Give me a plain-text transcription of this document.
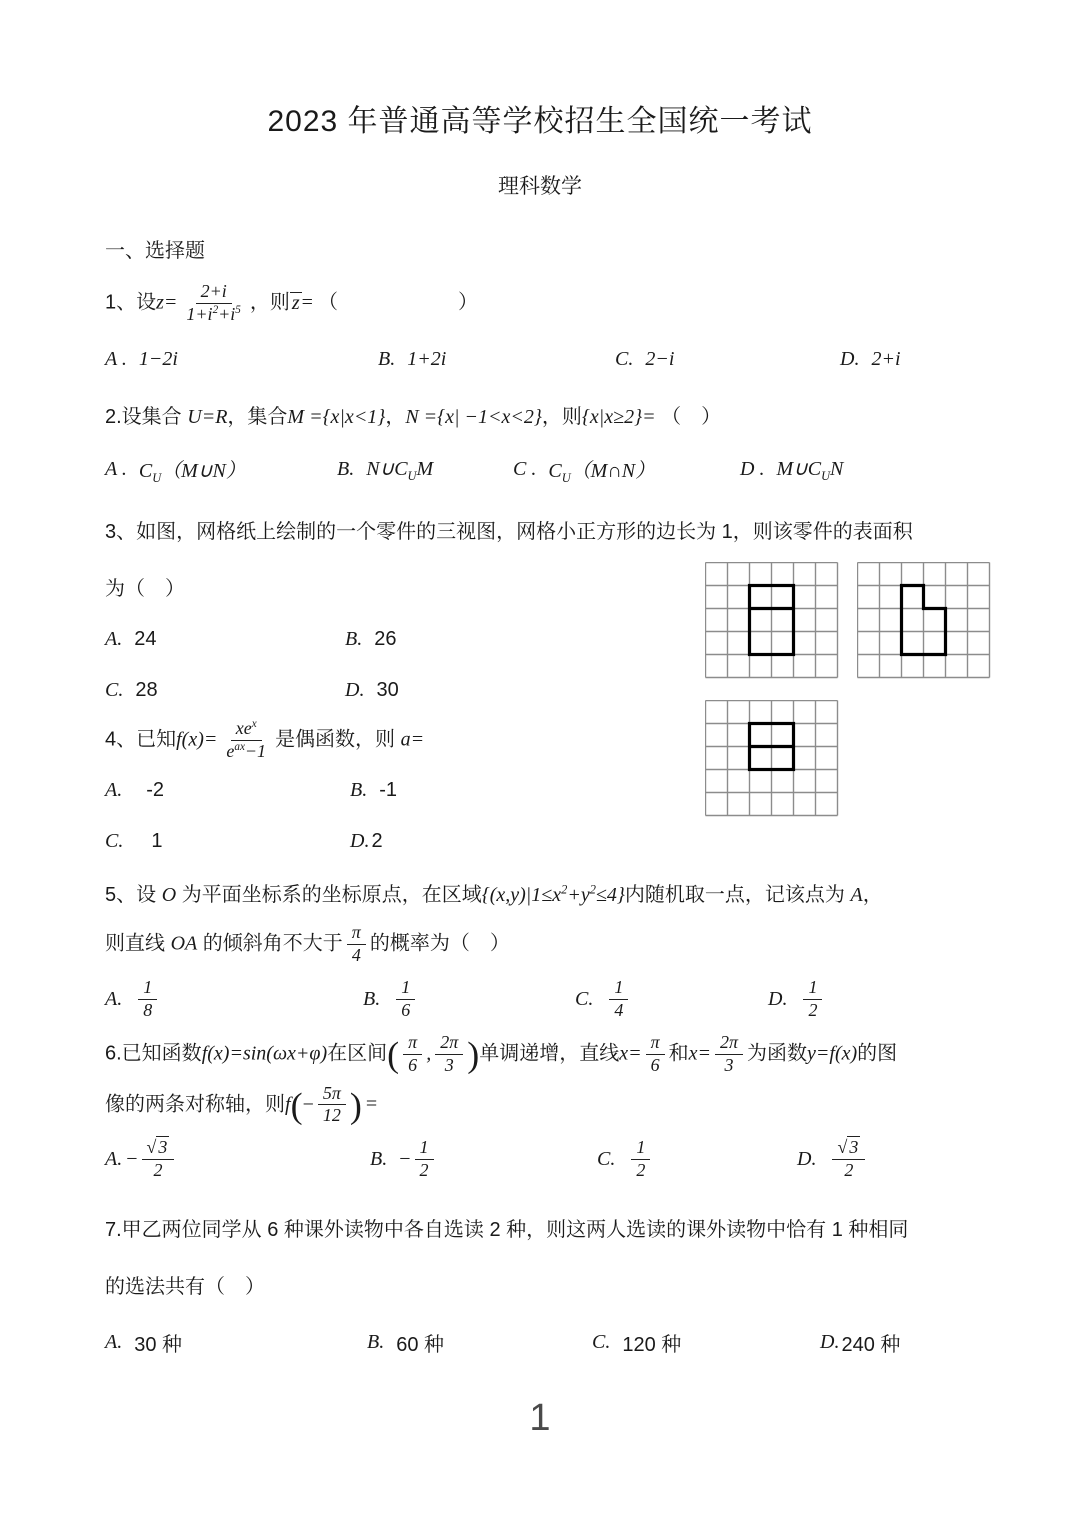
2023 年普通高等学校招生全国统一考试
理科数学
一、选择题
1、设$z= \frac{2+i}{1+i^2+i^5}$ ，则 z = （　　　　　　）
A . 1−2i	B. 1+2i	C. 2−i	D. 2+i
2.设集合 U=R，集合M ={x|x<1}，N ={x| −1<x<2}，则{x|x≥2}= （　）
A . $C_U(M\cup N)$	B. $N\cup C_UM$	C . $C_U(M\cap N)$	D . $M\cup C_UN$
3、如图，网格纸上绘制的一个零件的三视图，网格小正方形的边长为 1，则该零件的表面积
为（　）
A. 24	B. 26
C. 28	D. 30
4、已知$f(x)= \frac{xe^x}{e^{ax}-1}$ 是偶函数，则 a=
A. -2	B. -1
C. 1	D. 2
5、设 O 为平面坐标系的坐标原点，在区域$\{(x,y)|1\le x^2+y^2\le 4\}$内随机取一点，记该点为 A，
则直线 OA 的倾斜角不大于 $\frac{\pi}{4}$ 的概率为（　）
A. $\frac{1}{8}$	B. $\frac{1}{6}$	C. $\frac{1}{4}$	D. $\frac{1}{2}$
6.已知函数f(x)=sin(ωx+φ)在区间( $\frac{\pi}{6}$ , $\frac{2\pi}{3}$ )单调递增，直线$x= \frac{\pi}{6}$ 和$x= \frac{2\pi}{3}$ 为函数y=f(x)的图
像的两条对称轴，则$f(- \frac{5\pi}{12}$ ) =
A. − $\frac{√ 3}{2}$	B. − $\frac{1}{2}$	C. $\frac{1}{2}$	D. $\frac{√ 3}{2}$
7.甲乙两位同学从 6 种课外读物中各自选读 2 种，则这两人选读的课外读物中恰有 1 种相同
的选法共有（　）
A. 30 种	B. 60 种	C. 120 种	D. 240 种
1
